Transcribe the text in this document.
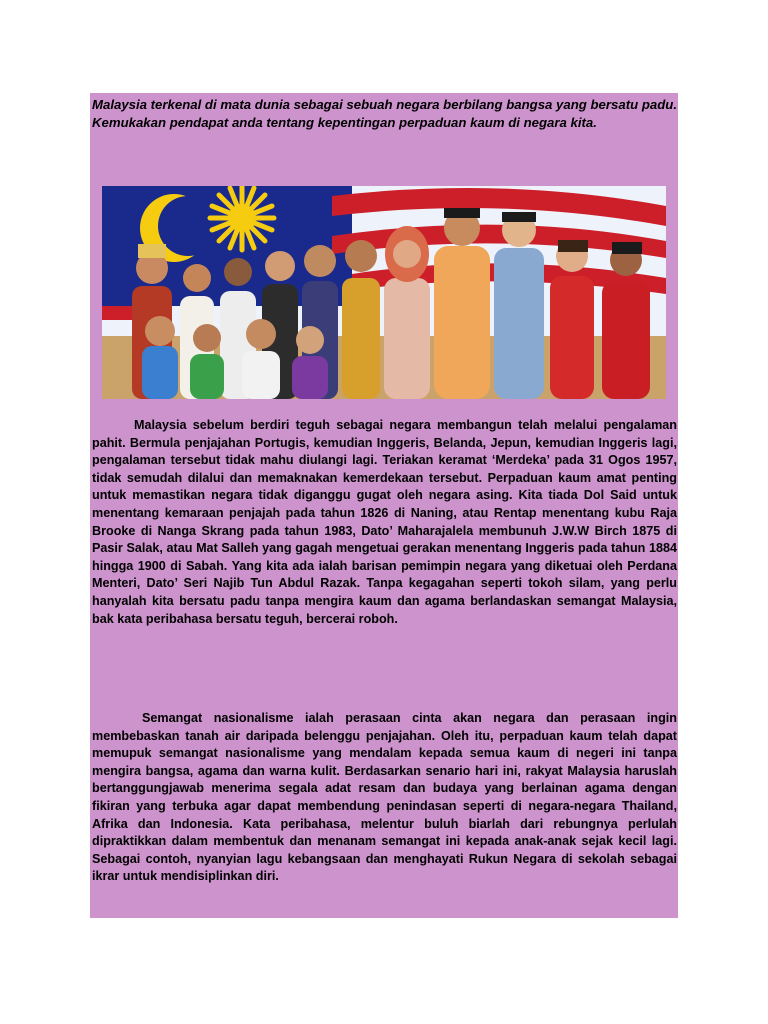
Malaysia terkenal di mata dunia sebagai sebuah negara berbilang bangsa yang bersatu padu. Kemukakan pendapat anda tentang kepentingan perpaduan kaum di negara kita.

Malaysia sebelum berdiri teguh sebagai negara membangun telah melalui pengalaman pahit. Bermula penjajahan Portugis, kemudian Inggeris, Belanda, Jepun, kemudian Inggeris lagi, pengalaman tersebut tidak mahu diulangi lagi. Teriakan keramat ‘Merdeka’ pada 31 Ogos 1957, tidak semudah dilalui dan memaknakan kemerdekaan tersebut. Perpaduan kaum amat penting untuk memastikan negara tidak diganggu gugat oleh negara asing. Kita tiada Dol Said untuk menentang kemaraan penjajah pada tahun 1826 di Naning, atau Rentap menentang kubu Raja Brooke di Nanga Skrang pada tahun 1983, Dato’ Maharajalela membunuh J.W.W Birch 1875 di Pasir Salak, atau Mat Salleh yang gagah mengetuai gerakan menentang Inggeris pada tahun 1884 hingga 1900 di Sabah. Yang kita ada ialah barisan pemimpin negara yang diketuai oleh Perdana Menteri, Dato’ Seri Najib Tun Abdul Razak. Tanpa kegagahan seperti tokoh silam, yang perlu hanyalah kita bersatu padu tanpa mengira kaum dan agama berlandaskan semangat Malaysia, bak kata peribahasa bersatu teguh, bercerai roboh.

Semangat nasionalisme ialah perasaan cinta akan negara dan perasaan ingin membebaskan tanah air daripada belenggu penjajahan. Oleh itu, perpaduan kaum telah dapat memupuk semangat nasionalisme yang mendalam kepada semua kaum di negeri ini tanpa mengira bangsa, agama dan warna kulit. Berdasarkan senario hari ini, rakyat Malaysia haruslah bertanggungjawab menerima segala adat resam dan budaya yang berlainan agama dengan fikiran yang terbuka agar dapat membendung penindasan seperti di negara-negara Thailand, Afrika dan Indonesia. Kata peribahasa, melentur buluh biarlah dari rebungnya perlulah dipraktikkan dalam membentuk dan menanam semangat ini kepada anak-anak sejak kecil lagi. Sebagai contoh, nyanyian lagu kebangsaan dan menghayati Rukun Negara di sekolah sebagai ikrar untuk mendisiplinkan diri.
